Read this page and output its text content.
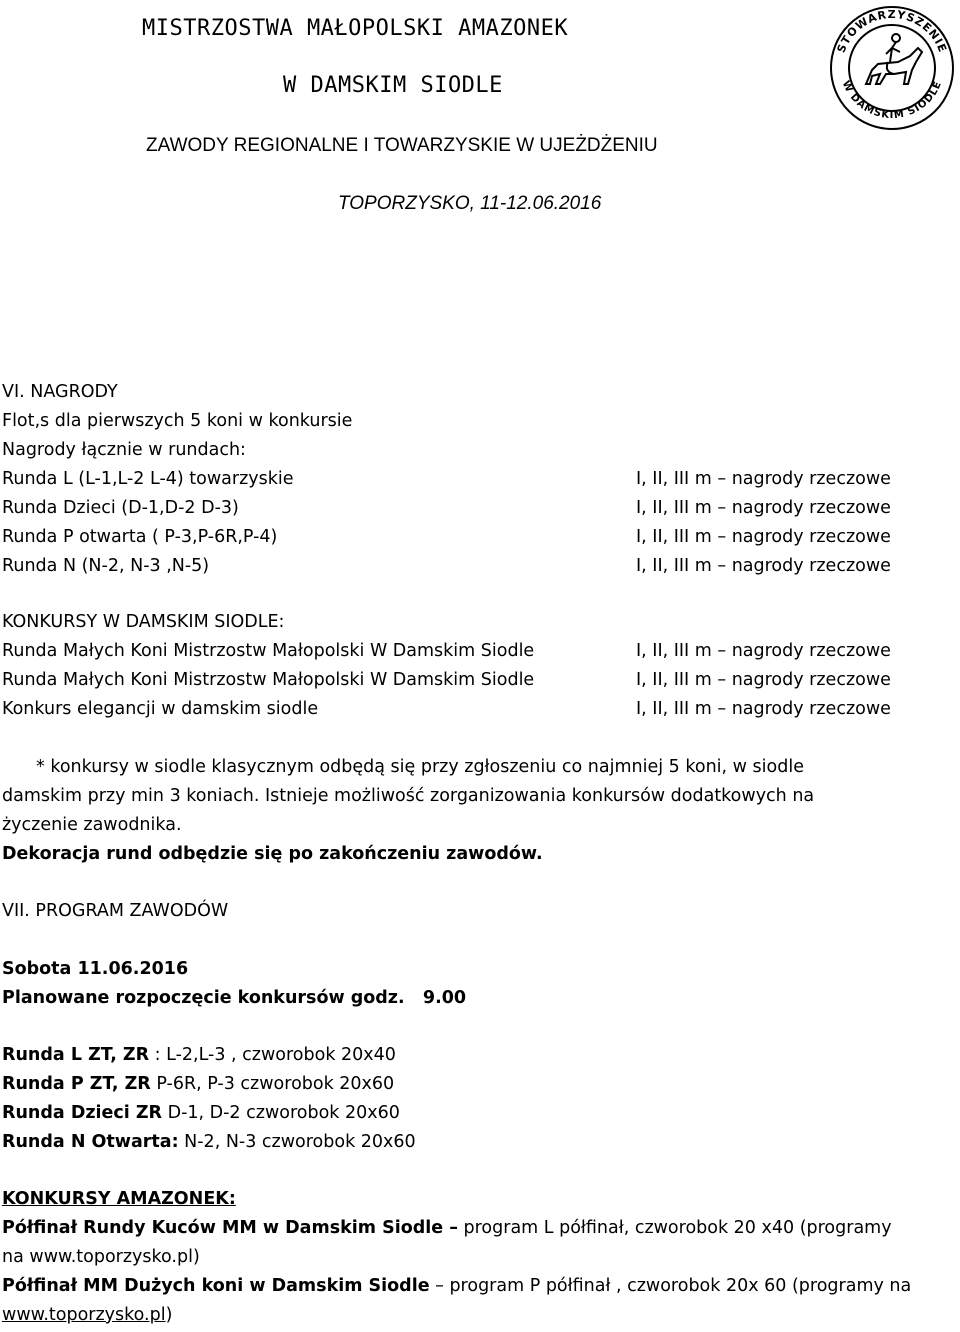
MISTRZOSTWA MAŁOPOLSKI AMAZONEK
W DAMSKIM SIODLE
ZAWODY REGIONALNE I TOWARZYSKIE W UJEŻDŻENIU
TOPORZYSKO, 11-12.06.2016
STOWARZYSZENIE
W DAMSKIM SIODLE
VI. NAGRODY
Flot‚s dla pierwszych 5 koni w konkursie
Nagrody łącznie w rundach:
Runda L (L-1,L-2 L-4) towarzyskie
Runda Dzieci (D-1,D-2 D-3)
Runda P otwarta ( P-3,P-6R,P-4)
Runda N (N-2, N-3 ,N-5)
I, II, III m – nagrody rzeczowe
I, II, III m – nagrody rzeczowe
I, II, III m – nagrody rzeczowe
I, II, III m – nagrody rzeczowe
KONKURSY W DAMSKIM SIODLE:
Runda Małych Koni Mistrzostw Małopolski W Damskim Siodle
Runda Małych Koni Mistrzostw Małopolski W Damskim Siodle
Konkurs elegancji w damskim siodle
I, II, III m – nagrody rzeczowe
I, II, III m – nagrody rzeczowe
I, II, III m – nagrody rzeczowe
* konkursy w siodle klasycznym odbędą się przy zgłoszeniu co najmniej 5 koni, w siodle
damskim przy min 3 koniach. Istnieje możliwość zorganizowania konkursów dodatkowych na
życzenie zawodnika.
Dekoracja rund odbędzie się po zakończeniu zawodów.
VII. PROGRAM ZAWODÓW
Sobota 11.06.2016
Planowane rozpoczęcie konkursów godz.   9.00
Runda L ZT, ZR : L-2,L-3 , czworobok 20x40
Runda P ZT, ZR P-6R, P-3 czworobok 20x60
Runda Dzieci ZR D-1, D-2 czworobok 20x60
Runda N Otwarta: N-2, N-3 czworobok 20x60
KONKURSY AMAZONEK:
Półfinał Rundy Kuców MM w Damskim Siodle – program L półfinał, czworobok 20 x40 (programy
na www.toporzysko.pl)
Półfinał MM Dużych koni w Damskim Siodle – program P półfinał , czworobok 20x 60 (programy na
www.toporzysko.pl)
